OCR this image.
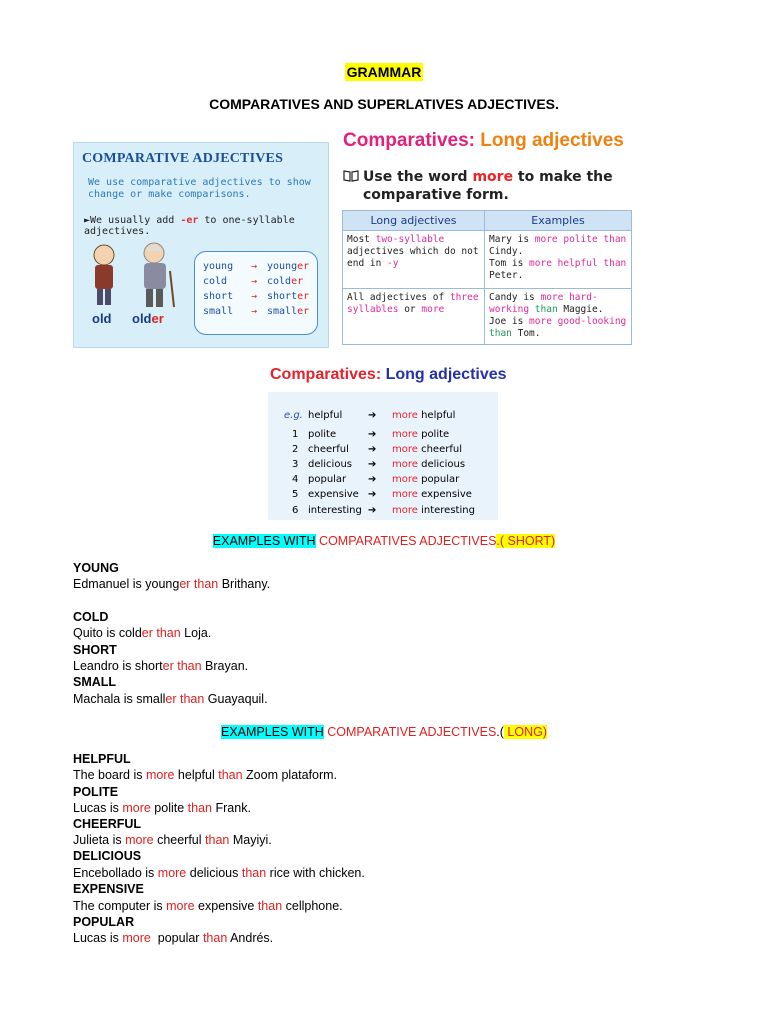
GRAMMAR
COMPARATIVES AND SUPERLATIVES ADJECTIVES.
COMPARATIVE ADJECTIVES
We use comparative adjectives to show change or make comparisons.
►We usually add -er to one-syllable adjectives.
old older
young → younger
cold → colder
short → shorter
small → smaller
Comparatives: Long adjectives
Use the word more to make the
comparative form.
Long adjectives	Examples
Most two-syllable adjectives which do not end in -y	Mary is more polite than Cindy.
Tom is more helpful than Peter.
All adjectives of three syllables or more	Candy is more hard-working than Maggie.
Joe is more good-looking than Tom.
Comparatives: Long adjectives
e.g. helpful	➔ more helpful
1 polite	➔ more polite
2 cheerful ➔ more cheerful
3 delicious ➔ more delicious
4 popular ➔ more popular
5 expensive ➔ more expensive
6 interesting ➔ more interesting
EXAMPLES WITH COMPARATIVES ADJECTIVES.( SHORT)
YOUNG
Edmanuel is younger than Brithany.
COLD
Quito is colder than Loja.
SHORT
Leandro is shorter than Brayan.
SMALL
Machala is smaller than Guayaquil.
EXAMPLES WITH COMPARATIVE ADJECTIVES.( LONG)
HELPFUL
The board is more helpful than Zoom plataform.
POLITE
Lucas is more polite than Frank.
CHEERFUL
Julieta is more cheerful than Mayiyi.
DELICIOUS
Encebollado is more delicious than rice with chicken.
EXPENSIVE
The computer is more expensive than cellphone.
POPULAR
Lucas is more  popular than Andrés.
